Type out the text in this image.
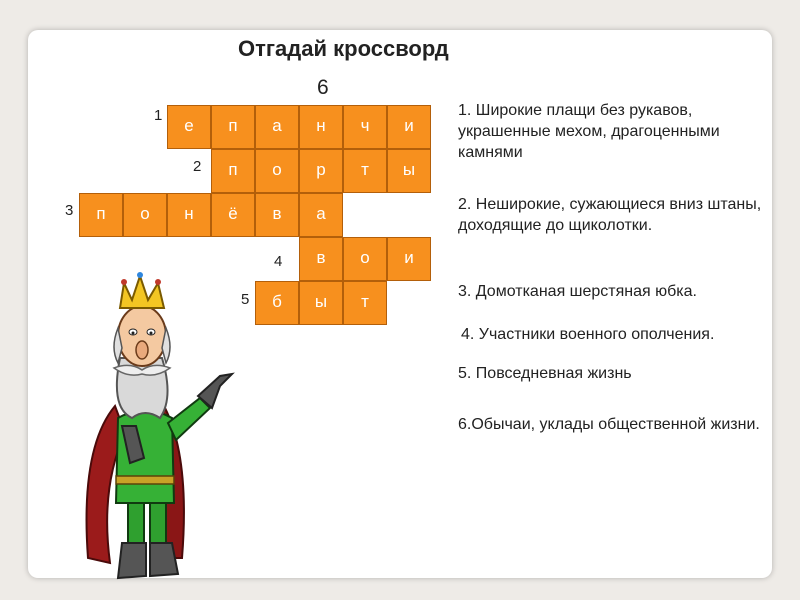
Отгадай кроссворд
6
1
2
3
4
5
е	п	а	н	ч	и
п	о	р	т	ы
п	о	н	ё	в	а
в	о	и
б	ы	т
1. Широкие плащи без рукавов, украшенные мехом, драгоценными камнями
2. Неширокие, сужающиеся вниз штаны, доходящие до щиколотки.
3. Домотканая шерстяная юбка.
4. Участники военного ополчения.
5. Повседневная жизнь
6.Обычаи, уклады общественной жизни.
